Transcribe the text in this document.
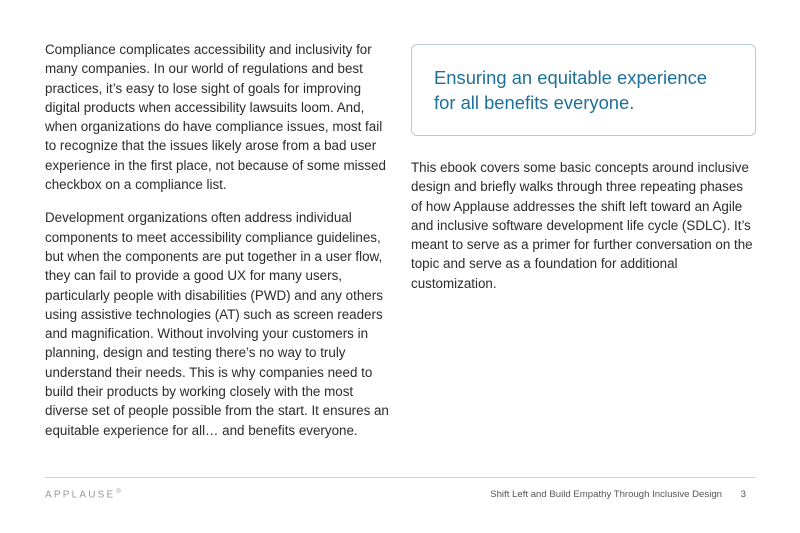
Compliance complicates accessibility and inclusivity for many companies. In our world of regulations and best practices, it’s easy to lose sight of goals for improving digital products when accessibility lawsuits loom. And, when organizations do have compliance issues, most fail to recognize that the issues likely arose from a bad user experience in the first place, not because of some missed checkbox on a compliance list.

Development organizations often address individual components to meet accessibility compliance guidelines, but when the components are put together in a user flow, they can fail to provide a good UX for many users, particularly people with disabilities (PWD) and any others using assistive technologies (AT) such as screen readers and magnification. Without involving your customers in planning, design and testing there’s no way to truly understand their needs. This is why companies need to build their products by working closely with the most diverse set of people possible from the start. It ensures an equitable experience for all… and benefits everyone.

Ensuring an equitable experience for all benefits everyone.

This ebook covers some basic concepts around inclusive design and briefly walks through three repeating phases of how Applause addresses the shift left toward an Agile and inclusive software development life cycle (SDLC). It’s meant to serve as a primer for further conversation on the topic and serve as a foundation for additional customization.

APPLAUSE®	Shift Left and Build Empathy Through Inclusive Design 3
